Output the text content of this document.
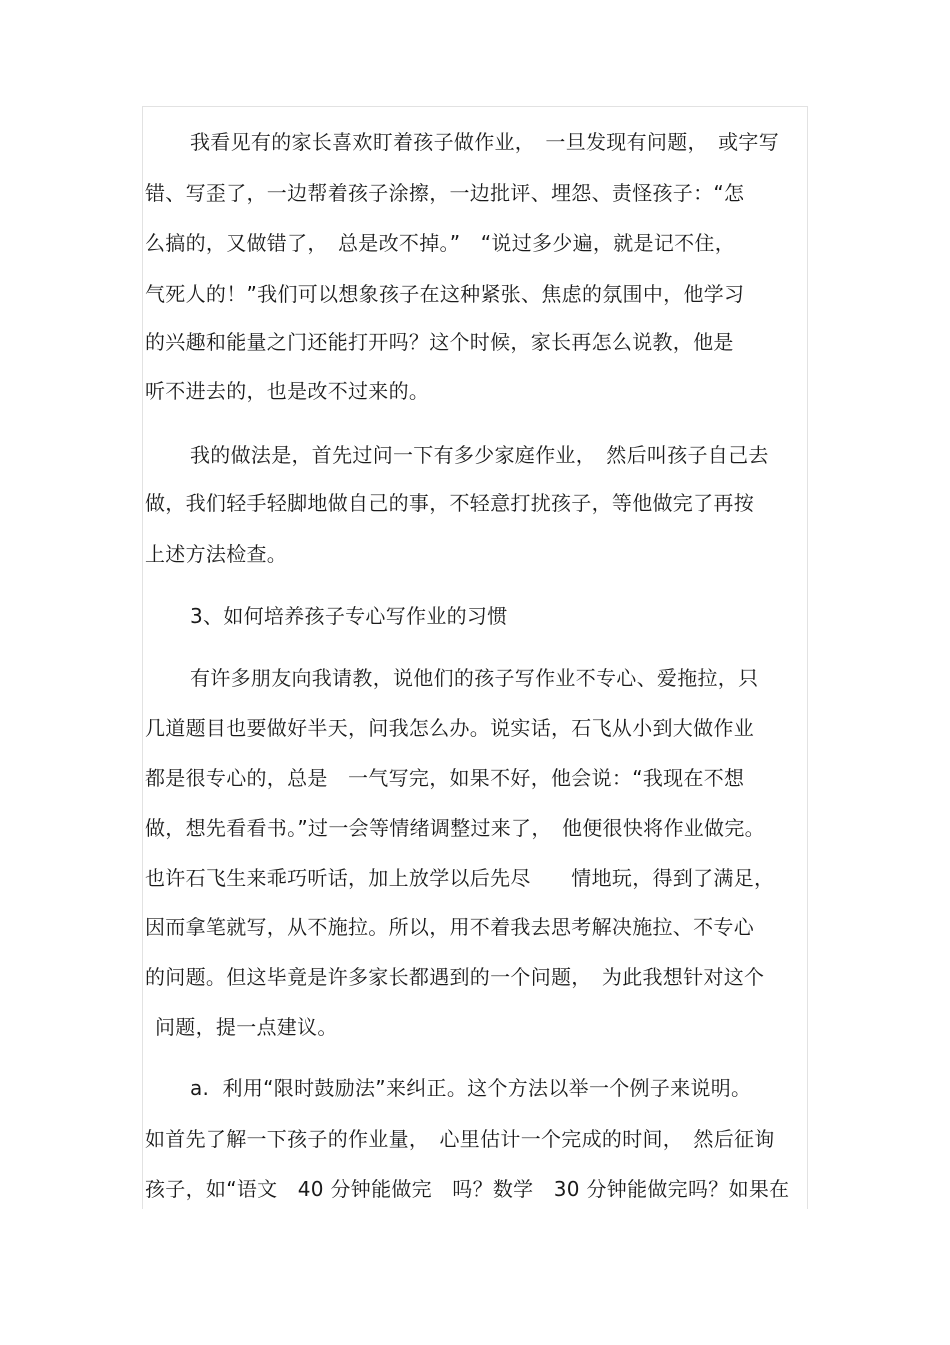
我看见有的家长喜欢盯着孩子做作业，　一旦发现有问题，　或字写
错、写歪了，一边帮着孩子涂擦，一边批评、埋怨、责怪孩子：“怎
么搞的，又做错了，　总是改不掉。”　“说过多少遍，就是记不住，
气死人的！”我们可以想象孩子在这种紧张、焦虑的氛围中，他学习
的兴趣和能量之门还能打开吗？这个时候，家长再怎么说教，他是
听不进去的，也是改不过来的。
我的做法是，首先过问一下有多少家庭作业，　然后叫孩子自己去
做，我们轻手轻脚地做自己的事，不轻意打扰孩子，等他做完了再按
上述方法检查。
3、如何培养孩子专心写作业的习惯
有许多朋友向我请教，说他们的孩子写作业不专心、爱拖拉，只
几道题目也要做好半天，问我怎么办。说实话，石飞从小到大做作业
都是很专心的，总是　一气写完，如果不好，他会说：“我现在不想
做，想先看看书。”过一会等情绪调整过来了，　他便很快将作业做完。
也许石飞生来乖巧听话，加上放学以后先尽　　情地玩，得到了满足，
因而拿笔就写，从不施拉。所以，用不着我去思考解决施拉、不专心
的问题。但这毕竟是许多家长都遇到的一个问题，　为此我想针对这个
问题，提一点建议。
a.  利用“限时鼓励法”来纠正。这个方法以举一个例子来说明。
如首先了解一下孩子的作业量，　心里估计一个完成的时间，　然后征询
孩子，如“语文　40 分钟能做完　吗？数学　30 分钟能做完吗？如果在
